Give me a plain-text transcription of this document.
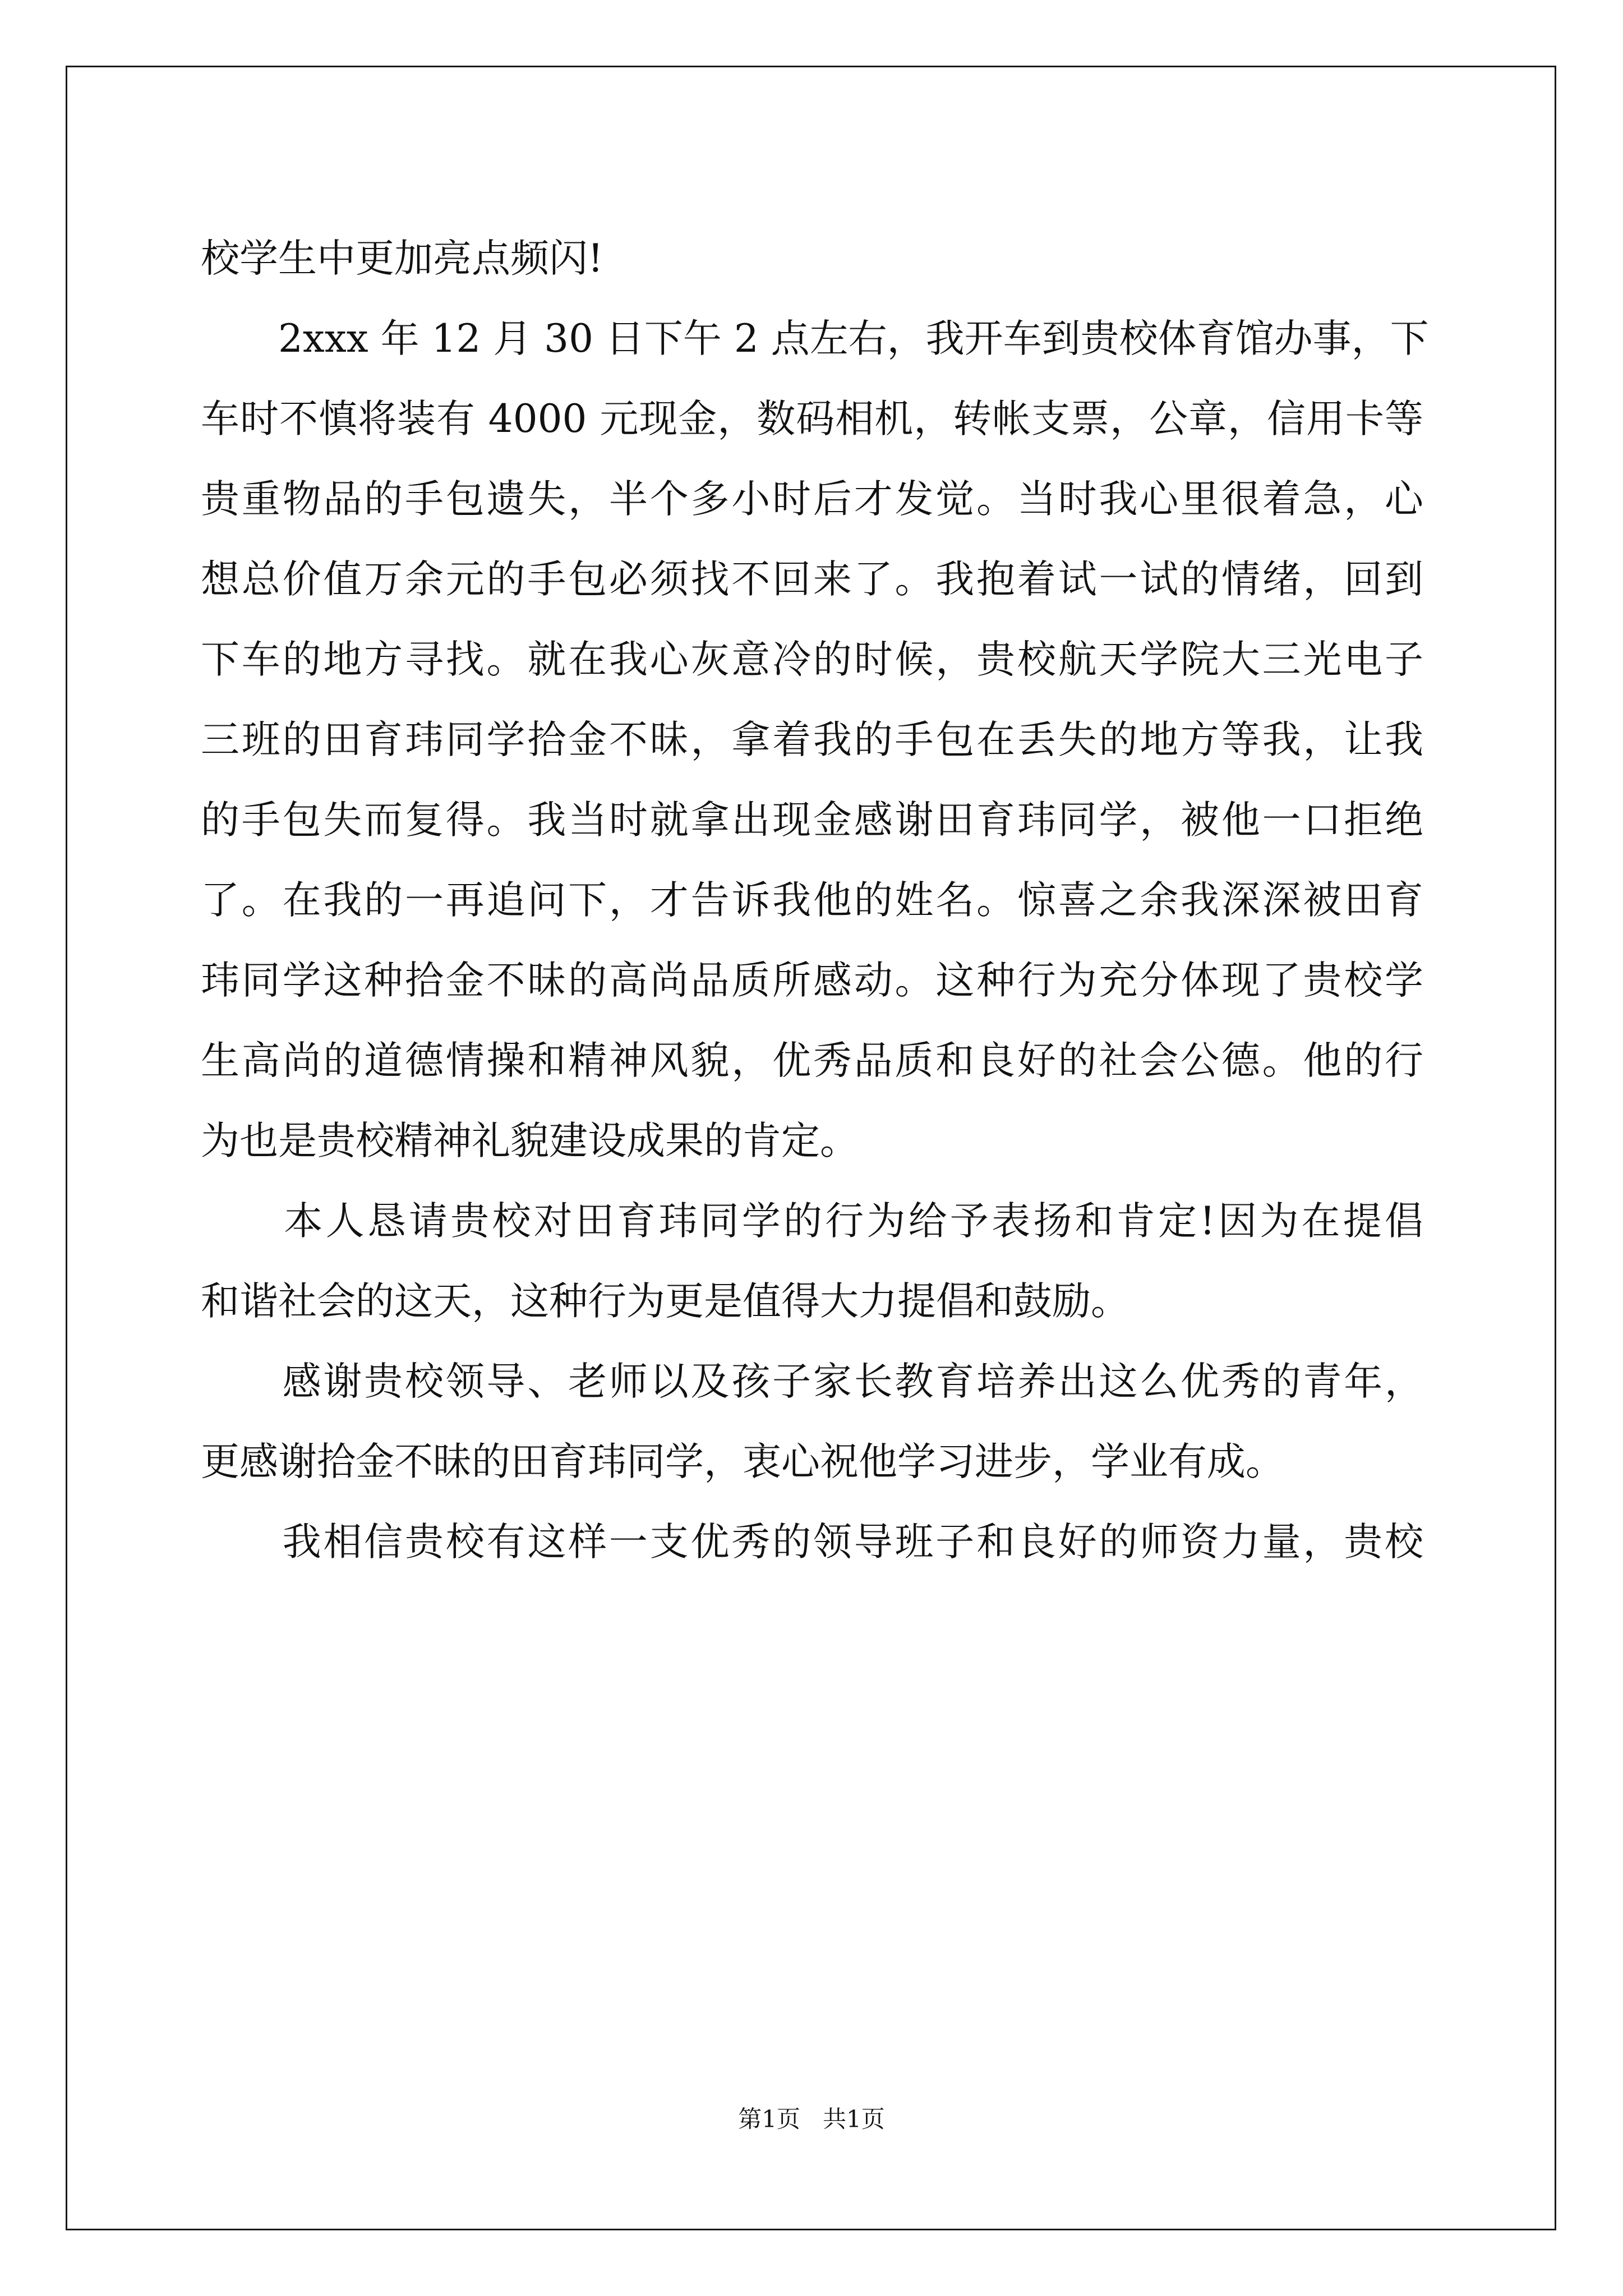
校学生中更加亮点频闪!
　　2xxx 年 12 月 30 日下午 2 点左右，我开车到贵校体育馆办事，下
车时不慎将装有 4000 元现金，数码相机，转帐支票，公章，信用卡等
贵重物品的手包遗失，半个多小时后才发觉。当时我心里很着急，心
想总价值万余元的手包必须找不回来了。我抱着试一试的情绪，回到
下车的地方寻找。就在我心灰意冷的时候，贵校航天学院大三光电子
三班的田育玮同学拾金不昧，拿着我的手包在丢失的地方等我，让我
的手包失而复得。我当时就拿出现金感谢田育玮同学，被他一口拒绝
了。在我的一再追问下，才告诉我他的姓名。惊喜之余我深深被田育
玮同学这种拾金不昧的高尚品质所感动。这种行为充分体现了贵校学
生高尚的道德情操和精神风貌，优秀品质和良好的社会公德。他的行
为也是贵校精神礼貌建设成果的肯定。
　　本人恳请贵校对田育玮同学的行为给予表扬和肯定!因为在提倡
和谐社会的这天，这种行为更是值得大力提倡和鼓励。
　　感谢贵校领导、老师以及孩子家长教育培养出这么优秀的青年，
更感谢拾金不昧的田育玮同学，衷心祝他学习进步，学业有成。
　　我相信贵校有这样一支优秀的领导班子和良好的师资力量，贵校
第1页   共1页
